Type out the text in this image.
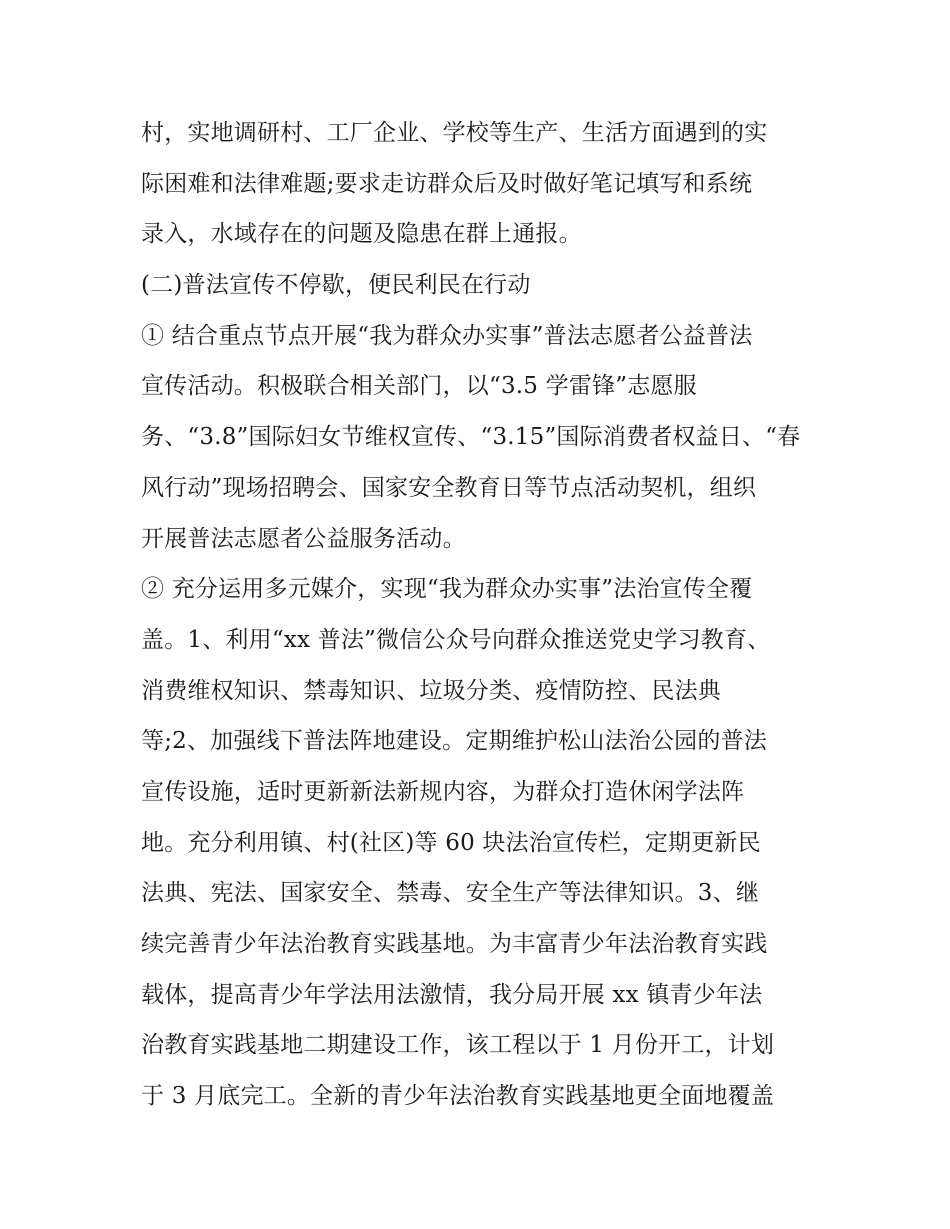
村，实地调研村、工厂企业、学校等生产、生活方面遇到的实
际困难和法律难题;要求走访群众后及时做好笔记填写和系统
录入，水域存在的问题及隐患在群上通报。
(二)普法宣传不停歇，便民利民在行动
① 结合重点节点开展“我为群众办实事”普法志愿者公益普法
宣传活动。积极联合相关部门，以“3.5 学雷锋”志愿服
务、“3.8”国际妇女节维权宣传、“3.15”国际消费者权益日、“春
风行动”现场招聘会、国家安全教育日等节点活动契机，组织
开展普法志愿者公益服务活动。
② 充分运用多元媒介，实现“我为群众办实事”法治宣传全覆
盖。1、利用“xx 普法”微信公众号向群众推送党史学习教育、
消费维权知识、禁毒知识、垃圾分类、疫情防控、民法典
等;2、加强线下普法阵地建设。定期维护松山法治公园的普法
宣传设施，适时更新新法新规内容，为群众打造休闲学法阵
地。充分利用镇、村(社区)等 60 块法治宣传栏，定期更新民
法典、宪法、国家安全、禁毒、安全生产等法律知识。3、继
续完善青少年法治教育实践基地。为丰富青少年法治教育实践
载体，提高青少年学法用法激情，我分局开展 xx 镇青少年法
治教育实践基地二期建设工作，该工程以于 1 月份开工，计划
于 3 月底完工。全新的青少年法治教育实践基地更全面地覆盖
